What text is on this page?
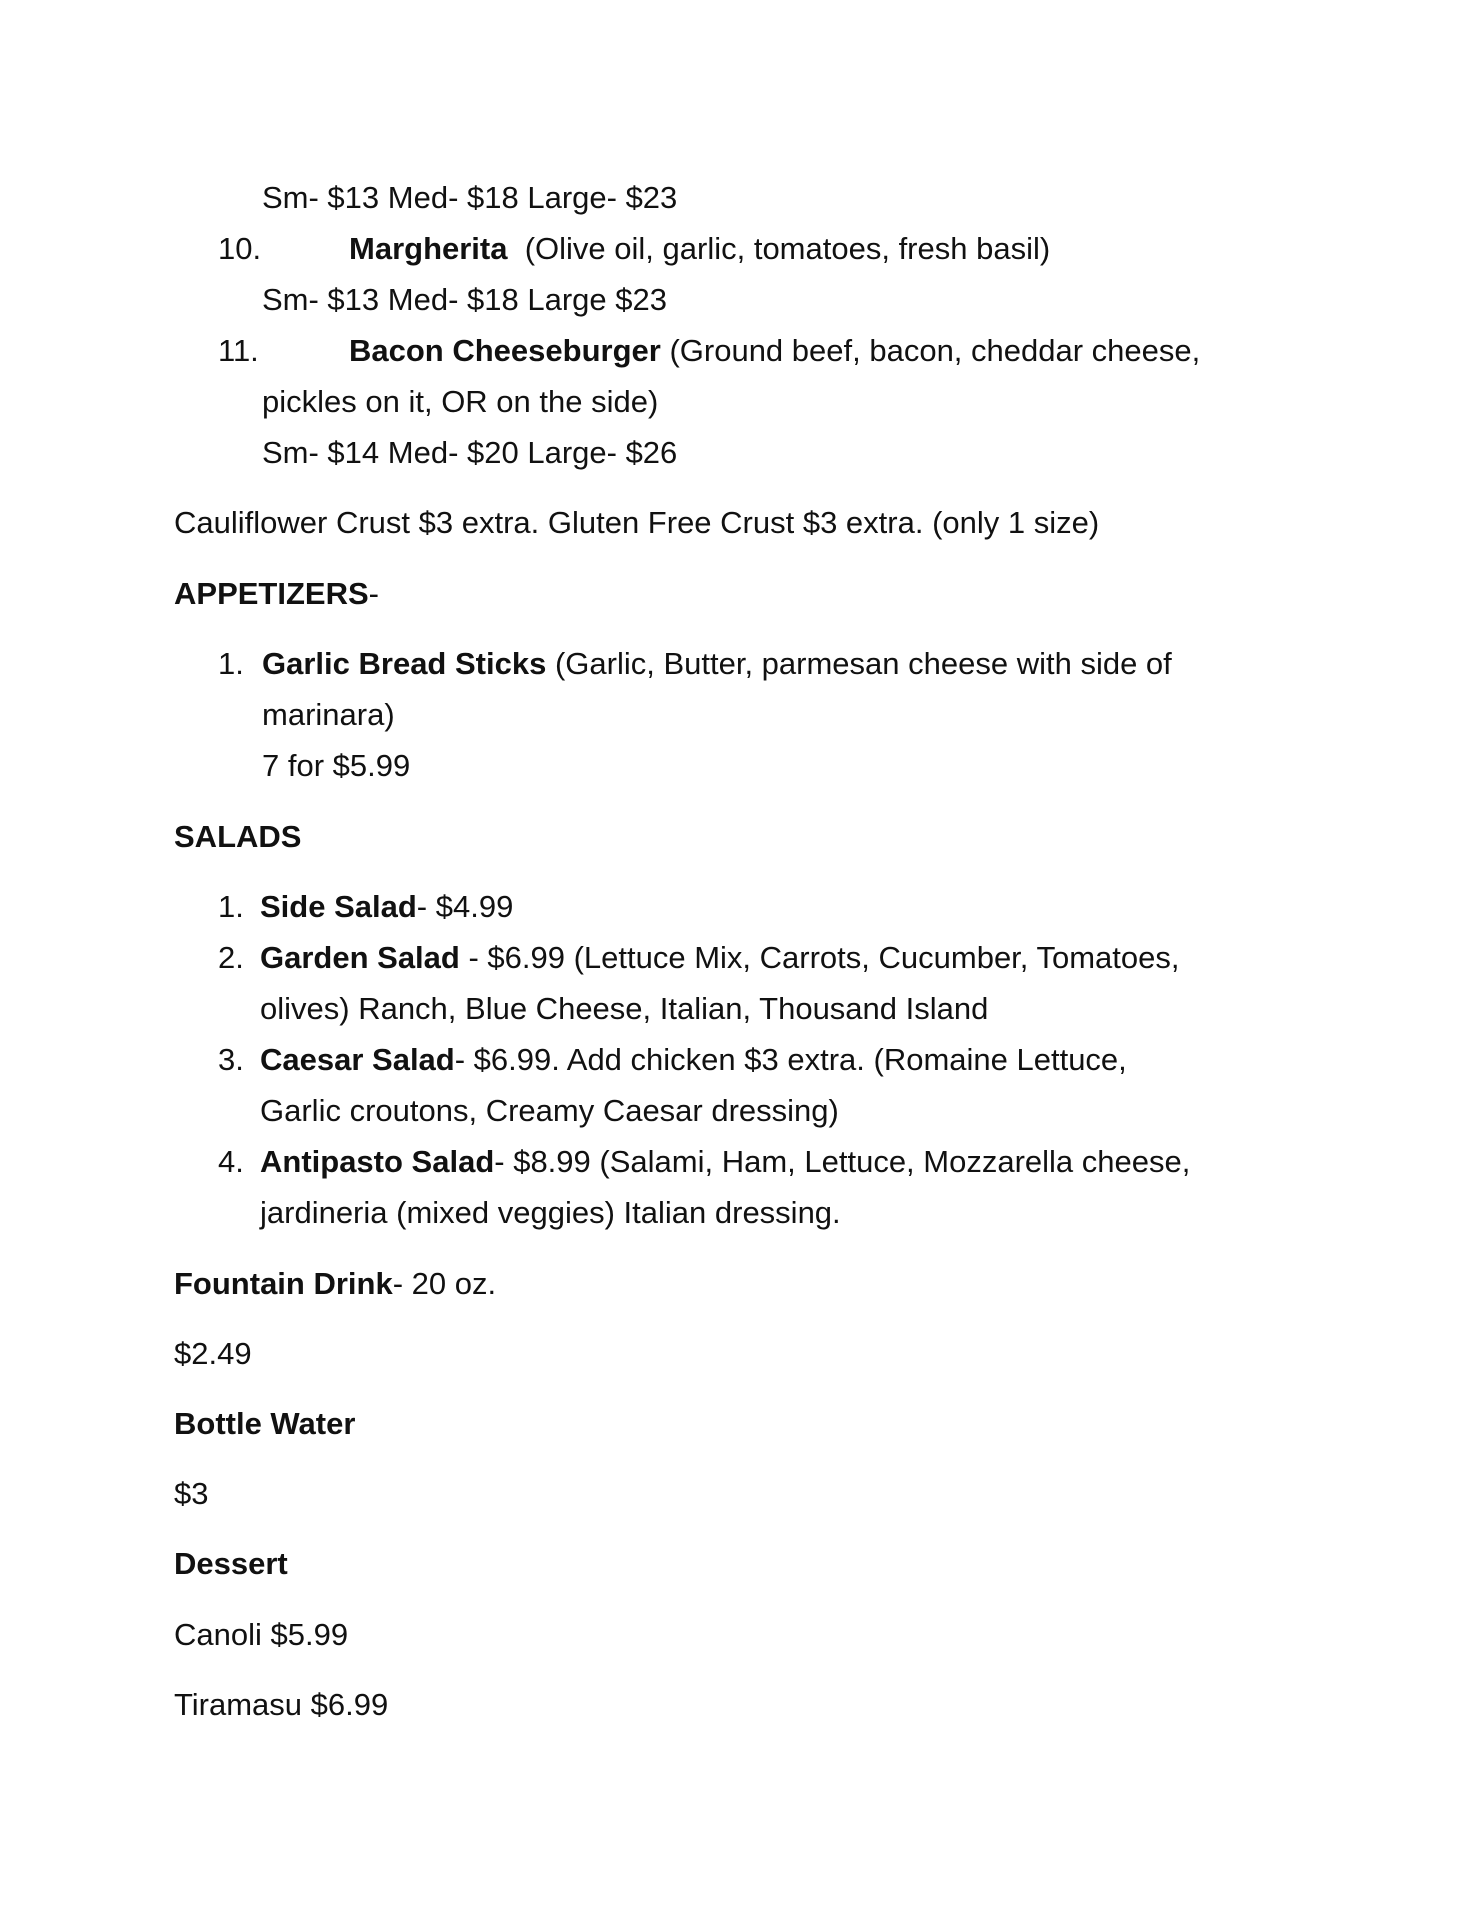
Sm- $13 Med- $18 Large- $23
10.	Margherita (Olive oil, garlic, tomatoes, fresh basil)
Sm- $13 Med- $18 Large $23
11.	Bacon Cheeseburger (Ground beef, bacon, cheddar cheese,
pickles on it, OR on the side)
Sm- $14 Med- $20 Large- $26
Cauliflower Crust $3 extra. Gluten Free Crust $3 extra. (only 1 size)
APPETIZERS-
1. Garlic Bread Sticks (Garlic, Butter, parmesan cheese with side of
marinara)
7 for $5.99
SALADS
1. Side Salad- $4.99
2. Garden Salad - $6.99 (Lettuce Mix, Carrots, Cucumber, Tomatoes,
olives) Ranch, Blue Cheese, Italian, Thousand Island
3. Caesar Salad- $6.99. Add chicken $3 extra. (Romaine Lettuce,
Garlic croutons, Creamy Caesar dressing)
4. Antipasto Salad- $8.99 (Salami, Ham, Lettuce, Mozzarella cheese,
jardineria (mixed veggies) Italian dressing.
Fountain Drink- 20 oz.
$2.49
Bottle Water
$3
Dessert
Canoli $5.99
Tiramasu $6.99
